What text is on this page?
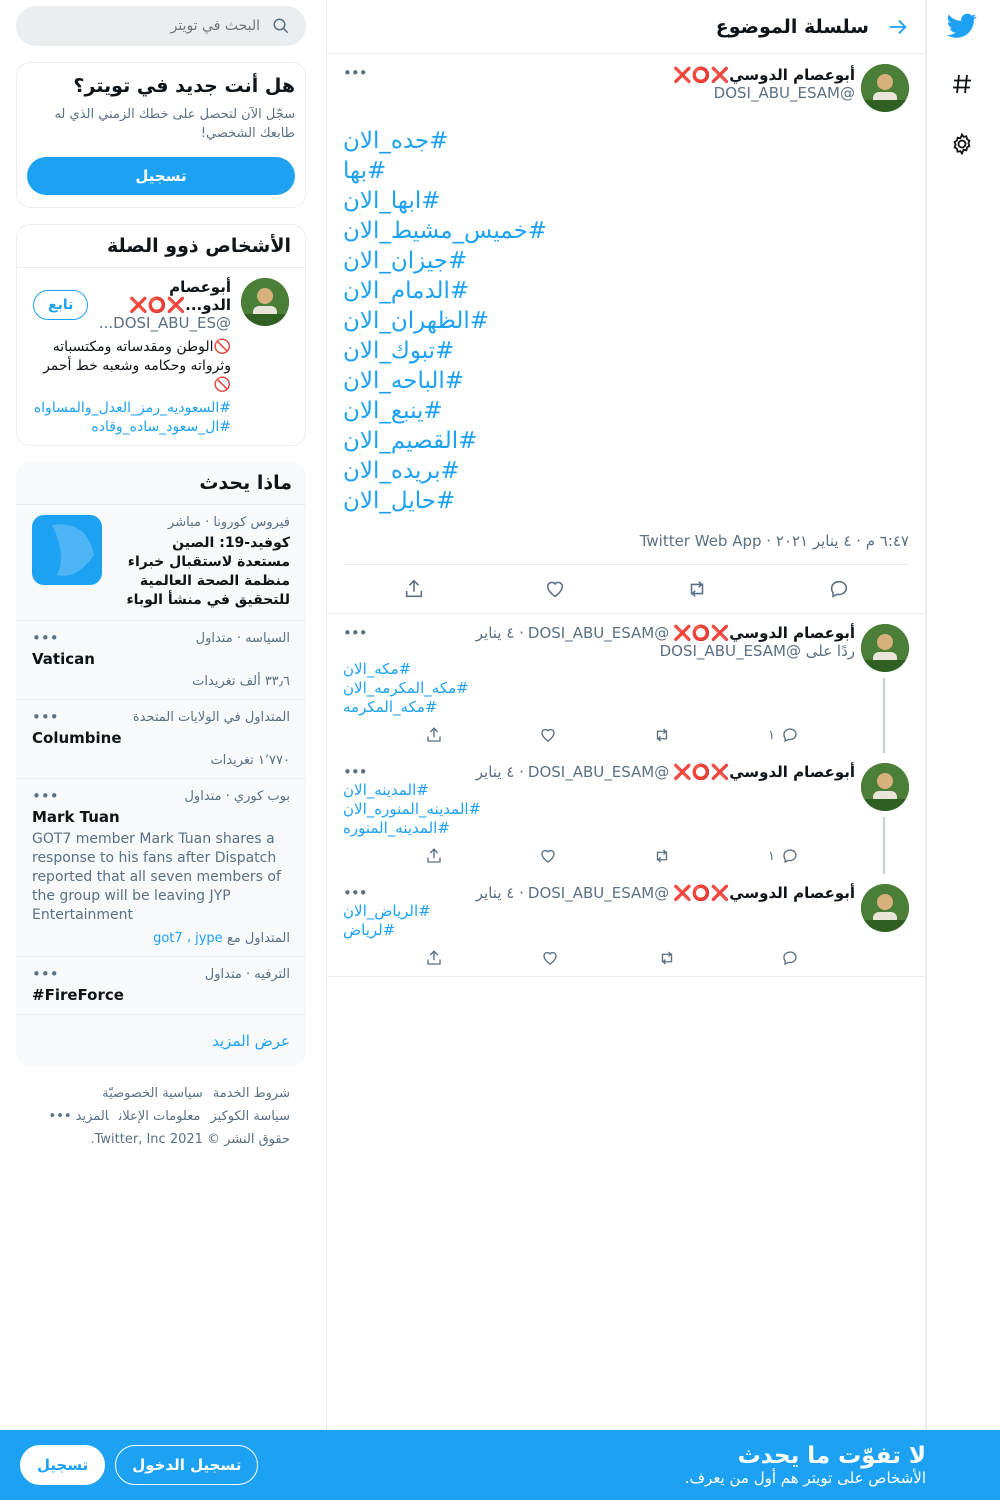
سلسلة الموضوع
أبوعصام الدوسي❌⭕❌
@DOSI_ABU_ESAM
•••
#جده_الان
#بها
#ابها_الان
#خميس_مشيط_الان
#جيزان_الان
#الدمام_الان
#الظهران_الان
#تبوك_الان
#الباحه_الان
#ينبع_الان
#القصيم_الان
#بريده_الان
#حايل_الان
٦:٤٧ م · ٤ يناير ٢٠٢١ · Twitter Web App
أبوعصام الدوسي❌⭕❌
@DOSI_ABU_ESAM
· ٤ يناير
•••
ردًا على @DOSI_ABU_ESAM
#مكه_الان
#مكه_المكرمه_الان
#مكه_المكرمه
١
أبوعصام الدوسي❌⭕❌
@DOSI_ABU_ESAM
· ٤ يناير
•••
#المدينه_الان
#المدينه_المنوره_الان
#المدينه_المنوره
١
أبوعصام الدوسي❌⭕❌
@DOSI_ABU_ESAM
· ٤ يناير
•••
#الرياض_الان
#لرياض
البحث في تويتر
هل أنت جديد في تويتر؟
سجّل الآن لتحصل على خطك الزمني الذي له طابعك الشخصي!
تسجيل
الأشخاص ذوو الصلة
أبوعصام الدو...❌⭕❌
@DOSI_ABU_ES...
تابع
🚫الوطن ومقدساته ومكتسباته وثرواته وحكامه وشعبه خط أحمر 🚫
#السعوديه_رمز_العدل_والمساواه #ال_سعود_ساده_وقاده
ماذا يحدث
فيروس كورونا · مباشر
كوفيد-19: الصين مستعدة لاستقبال خبراء منظمة الصحة العالمية للتحقيق في منشأ الوباء
•••	السياسه · متداول
Vatican
٣٣٫٦ ألف تغريدات
•••	المتداول في الولايات المتحدة
Columbine
١٬٧٧٠ تغريدات
•••	بوب كوري · متداول
Mark Tuan
GOT7 member Mark Tuan shares a response to his fans after Dispatch reported that all seven members of the group will be leaving JYP Entertainment
المتداول مع got7 ، jype
•••	الترفيه · متداول
#FireForce
عرض المزيد
شروط الخدمةسياسية الخصوصيّة
سياسة الكوكيزمعلومات الإعلانالمزيد •••
حقوق النشر © Twitter, Inc 2021.
لا تفوّت ما يحدث
الأشخاص على تويتر هم أول من يعرف.
تسجيل الدخول
تسجيل
